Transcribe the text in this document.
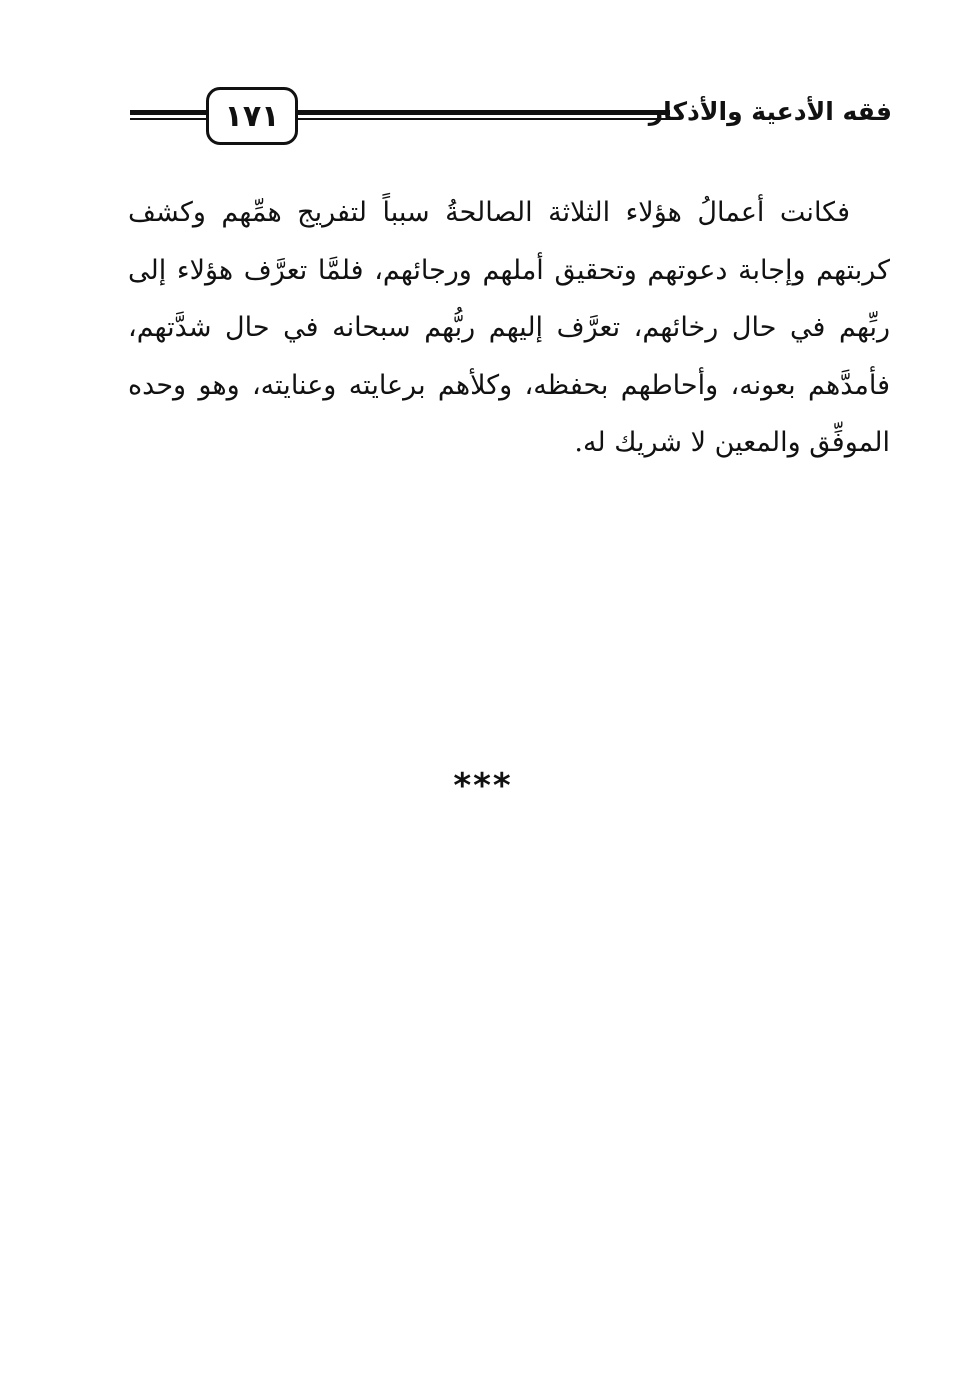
١٧١	فقه الأدعية والأذكار

فكانت أعمالُ هؤلاء الثلاثة الصالحةُ سبباً لتفريج همِّهم وكشف كربتهم وإجابة دعوتهم وتحقيق أملهم ورجائهم، فلمَّا تعرَّف هؤلاء إلى ربِّهم في حال رخائهم، تعرَّف إليهم ربُّهم سبحانه في حال شدَّتهم، فأمدَّهم بعونه، وأحاطهم بحفظه، وكلأهم برعايته وعنايته، وهو وحده الموفِّق والمعين لا شريك له.

***
